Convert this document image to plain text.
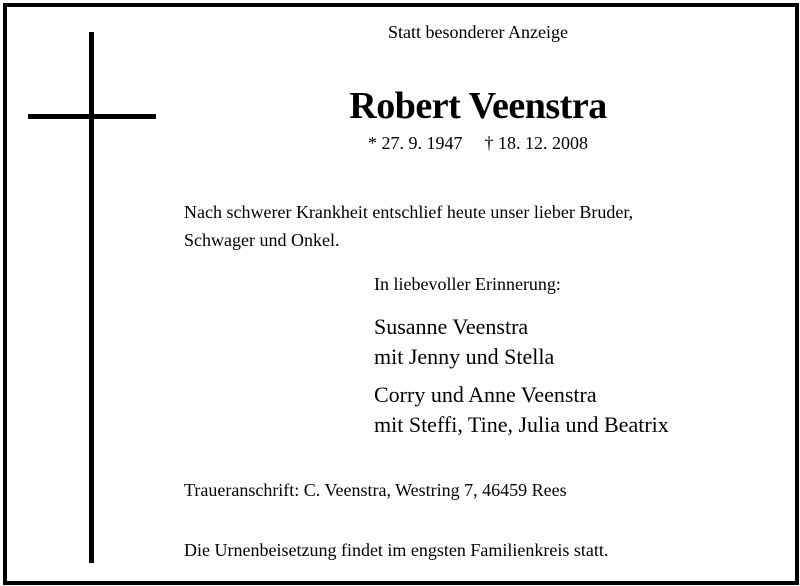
Statt besonderer Anzeige
Robert Veenstra
* 27. 9. 1947 † 18. 12. 2008
Nach schwerer Krankheit entschlief heute unser lieber Bruder,
Schwager und Onkel.
In liebevoller Erinnerung:
Susanne Veenstra
mit Jenny und Stella
Corry und Anne Veenstra
mit Steffi, Tine, Julia und Beatrix
Traueranschrift: C. Veenstra, Westring 7, 46459 Rees
Die Urnenbeisetzung findet im engsten Familienkreis statt.
